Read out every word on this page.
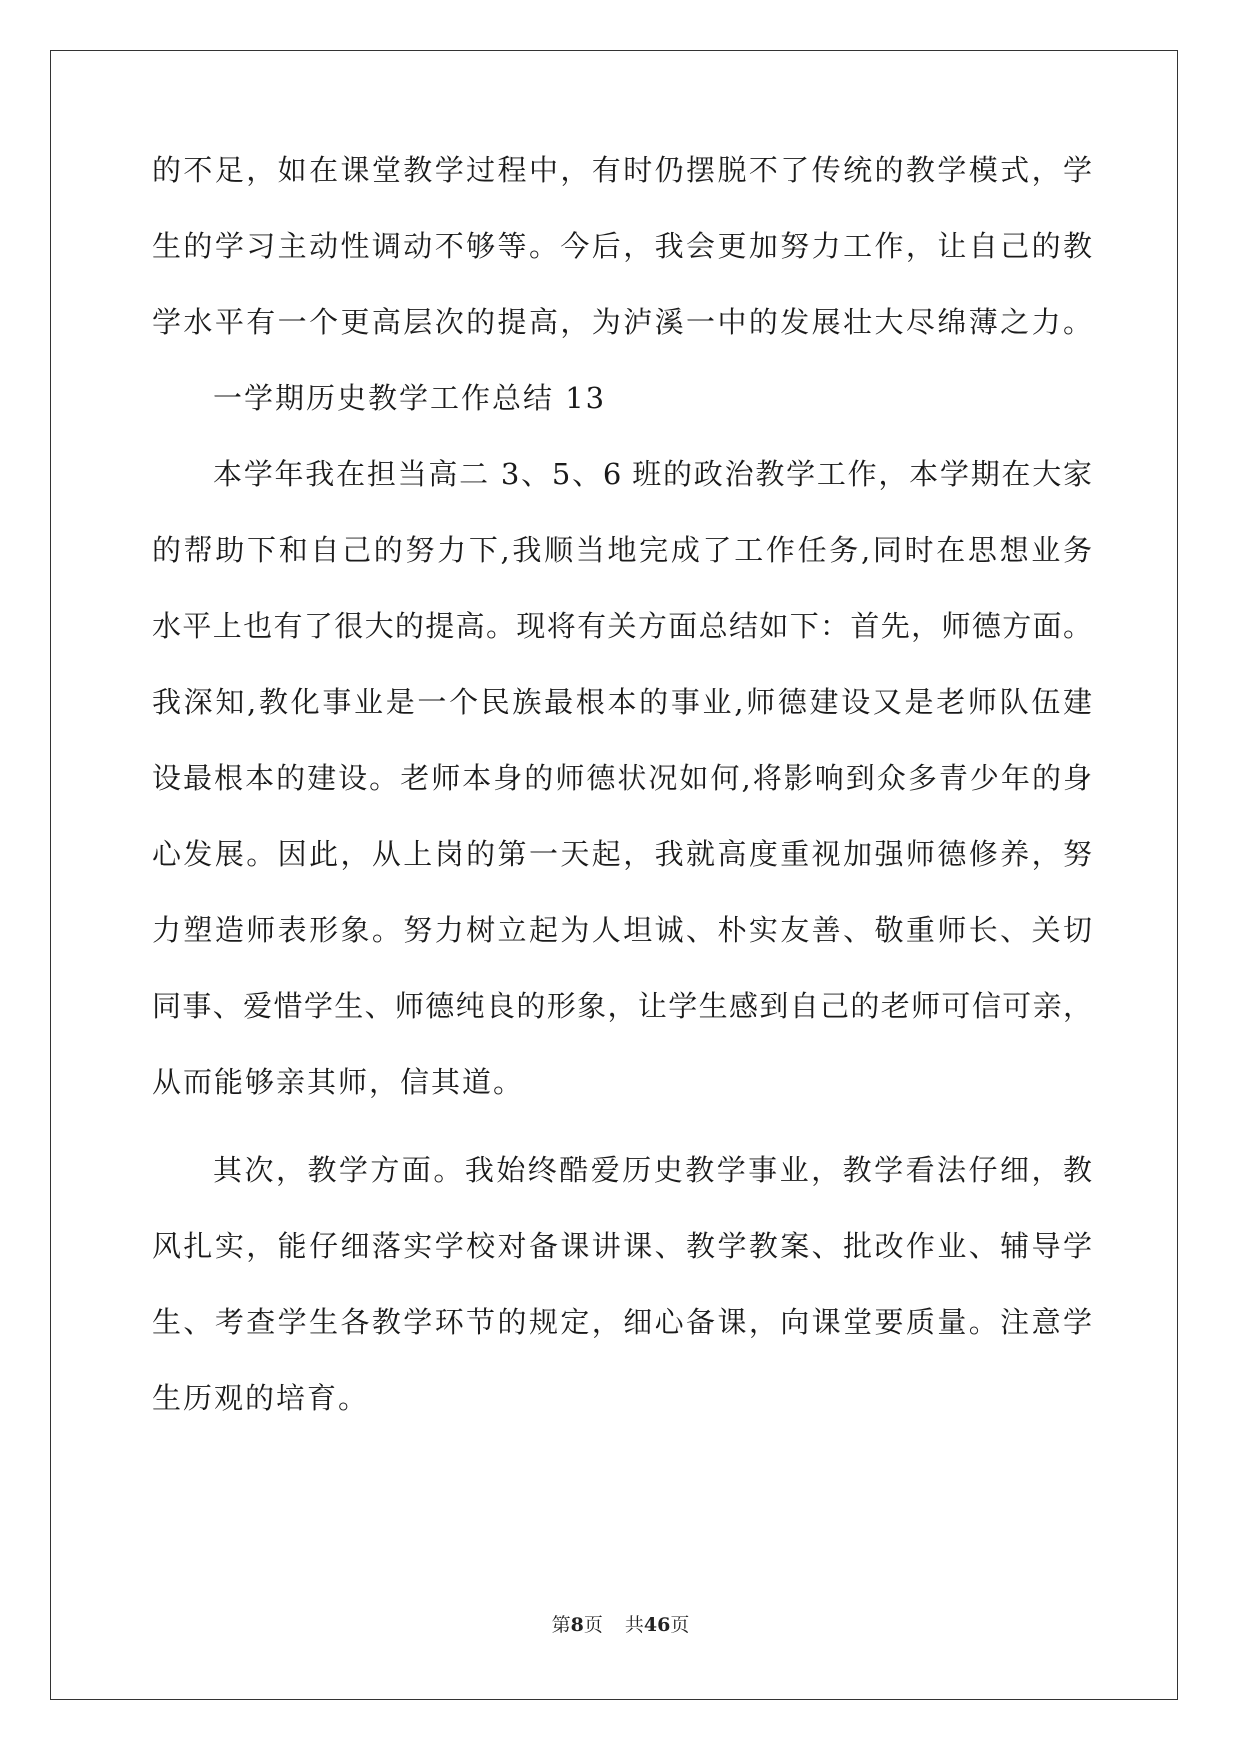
的不足，如在课堂教学过程中，有时仍摆脱不了传统的教学模式，学
生的学习主动性调动不够等。今后，我会更加努力工作，让自己的教
学水平有一个更高层次的提高，为泸溪一中的发展壮大尽绵薄之力。
一学期历史教学工作总结 13
本学年我在担当高二 3、5、6 班的政治教学工作，本学期在大家
的帮助下和自己的努力下,我顺当地完成了工作任务,同时在思想业务
水平上也有了很大的提高。现将有关方面总结如下：首先，师德方面。
我深知,教化事业是一个民族最根本的事业,师德建设又是老师队伍建
设最根本的建设。老师本身的师德状况如何,将影响到众多青少年的身
心发展。因此，从上岗的第一天起，我就高度重视加强师德修养，努
力塑造师表形象。努力树立起为人坦诚、朴实友善、敬重师长、关切
同事、爱惜学生、师德纯良的形象，让学生感到自己的老师可信可亲，
从而能够亲其师，信其道。
其次，教学方面。我始终酷爱历史教学事业，教学看法仔细，教
风扎实，能仔细落实学校对备课讲课、教学教案、批改作业、辅导学
生、考查学生各教学环节的规定，细心备课，向课堂要质量。注意学
生历观的培育。
第8页 共46页
